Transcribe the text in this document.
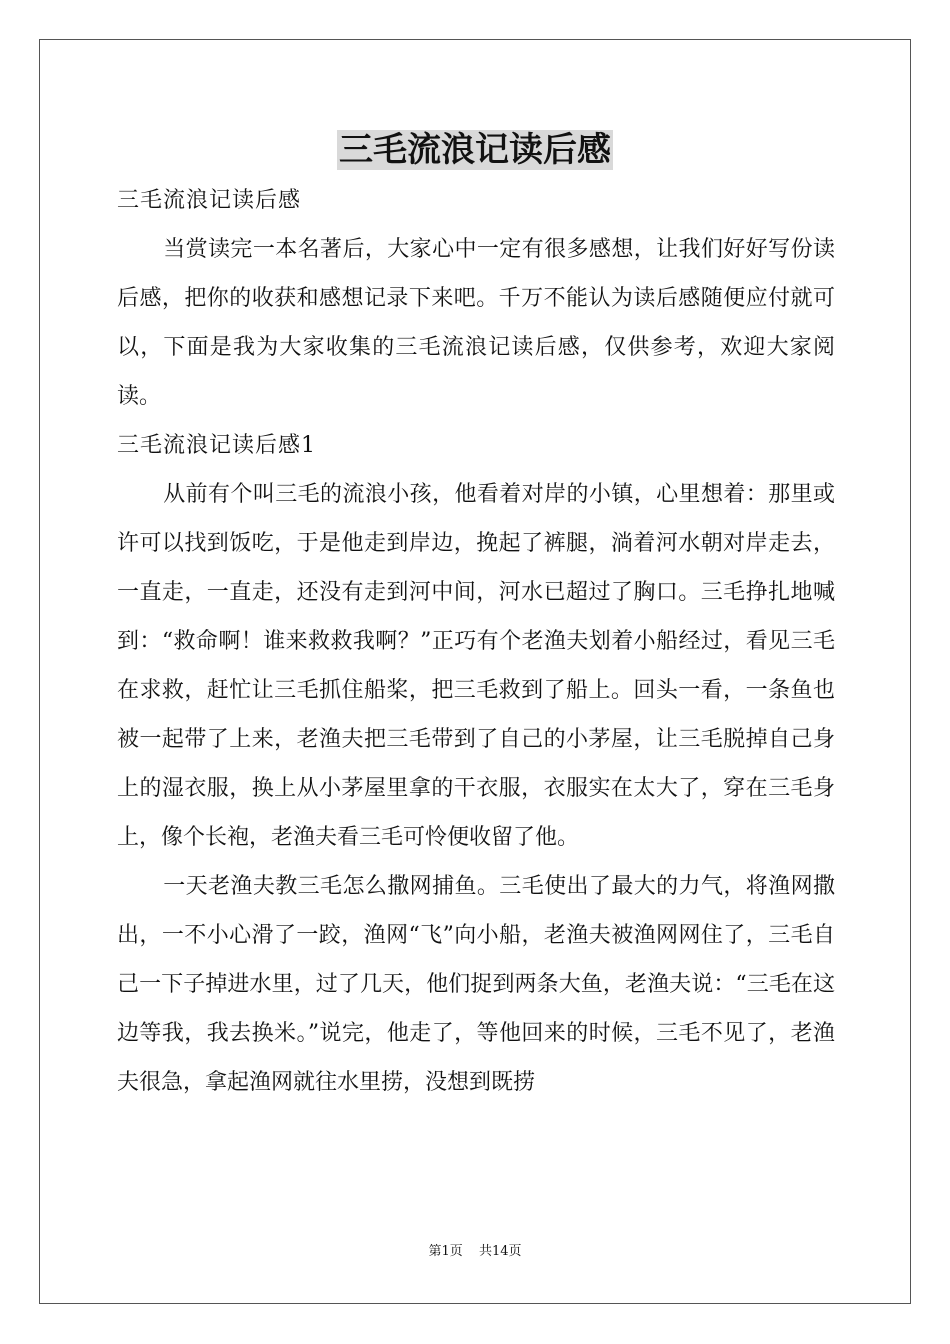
三毛流浪记读后感

三毛流浪记读后感

当赏读完一本名著后，大家心中一定有很多感想，让我们好好写份读后感，把你的收获和感想记录下来吧。千万不能认为读后感随便应付就可以，下面是我为大家收集的三毛流浪记读后感，仅供参考，欢迎大家阅读。

三毛流浪记读后感1

从前有个叫三毛的流浪小孩，他看着对岸的小镇，心里想着：那里或许可以找到饭吃，于是他走到岸边，挽起了裤腿，淌着河水朝对岸走去，一直走，一直走，还没有走到河中间，河水已超过了胸口。三毛挣扎地喊到：“救命啊！谁来救救我啊？”正巧有个老渔夫划着小船经过，看见三毛在求救，赶忙让三毛抓住船桨，把三毛救到了船上。回头一看，一条鱼也被一起带了上来，老渔夫把三毛带到了自己的小茅屋，让三毛脱掉自己身上的湿衣服，换上从小茅屋里拿的干衣服，衣服实在太大了，穿在三毛身上，像个长袍，老渔夫看三毛可怜便收留了他。

一天老渔夫教三毛怎么撒网捕鱼。三毛使出了最大的力气，将渔网撒出，一不小心滑了一跤，渔网“飞”向小船，老渔夫被渔网网住了，三毛自己一下子掉进水里，过了几天，他们捉到两条大鱼，老渔夫说：“三毛在这边等我，我去换米。”说完，他走了，等他回来的时候，三毛不见了，老渔夫很急，拿起渔网就往水里捞，没想到既捞

第1页 共14页
